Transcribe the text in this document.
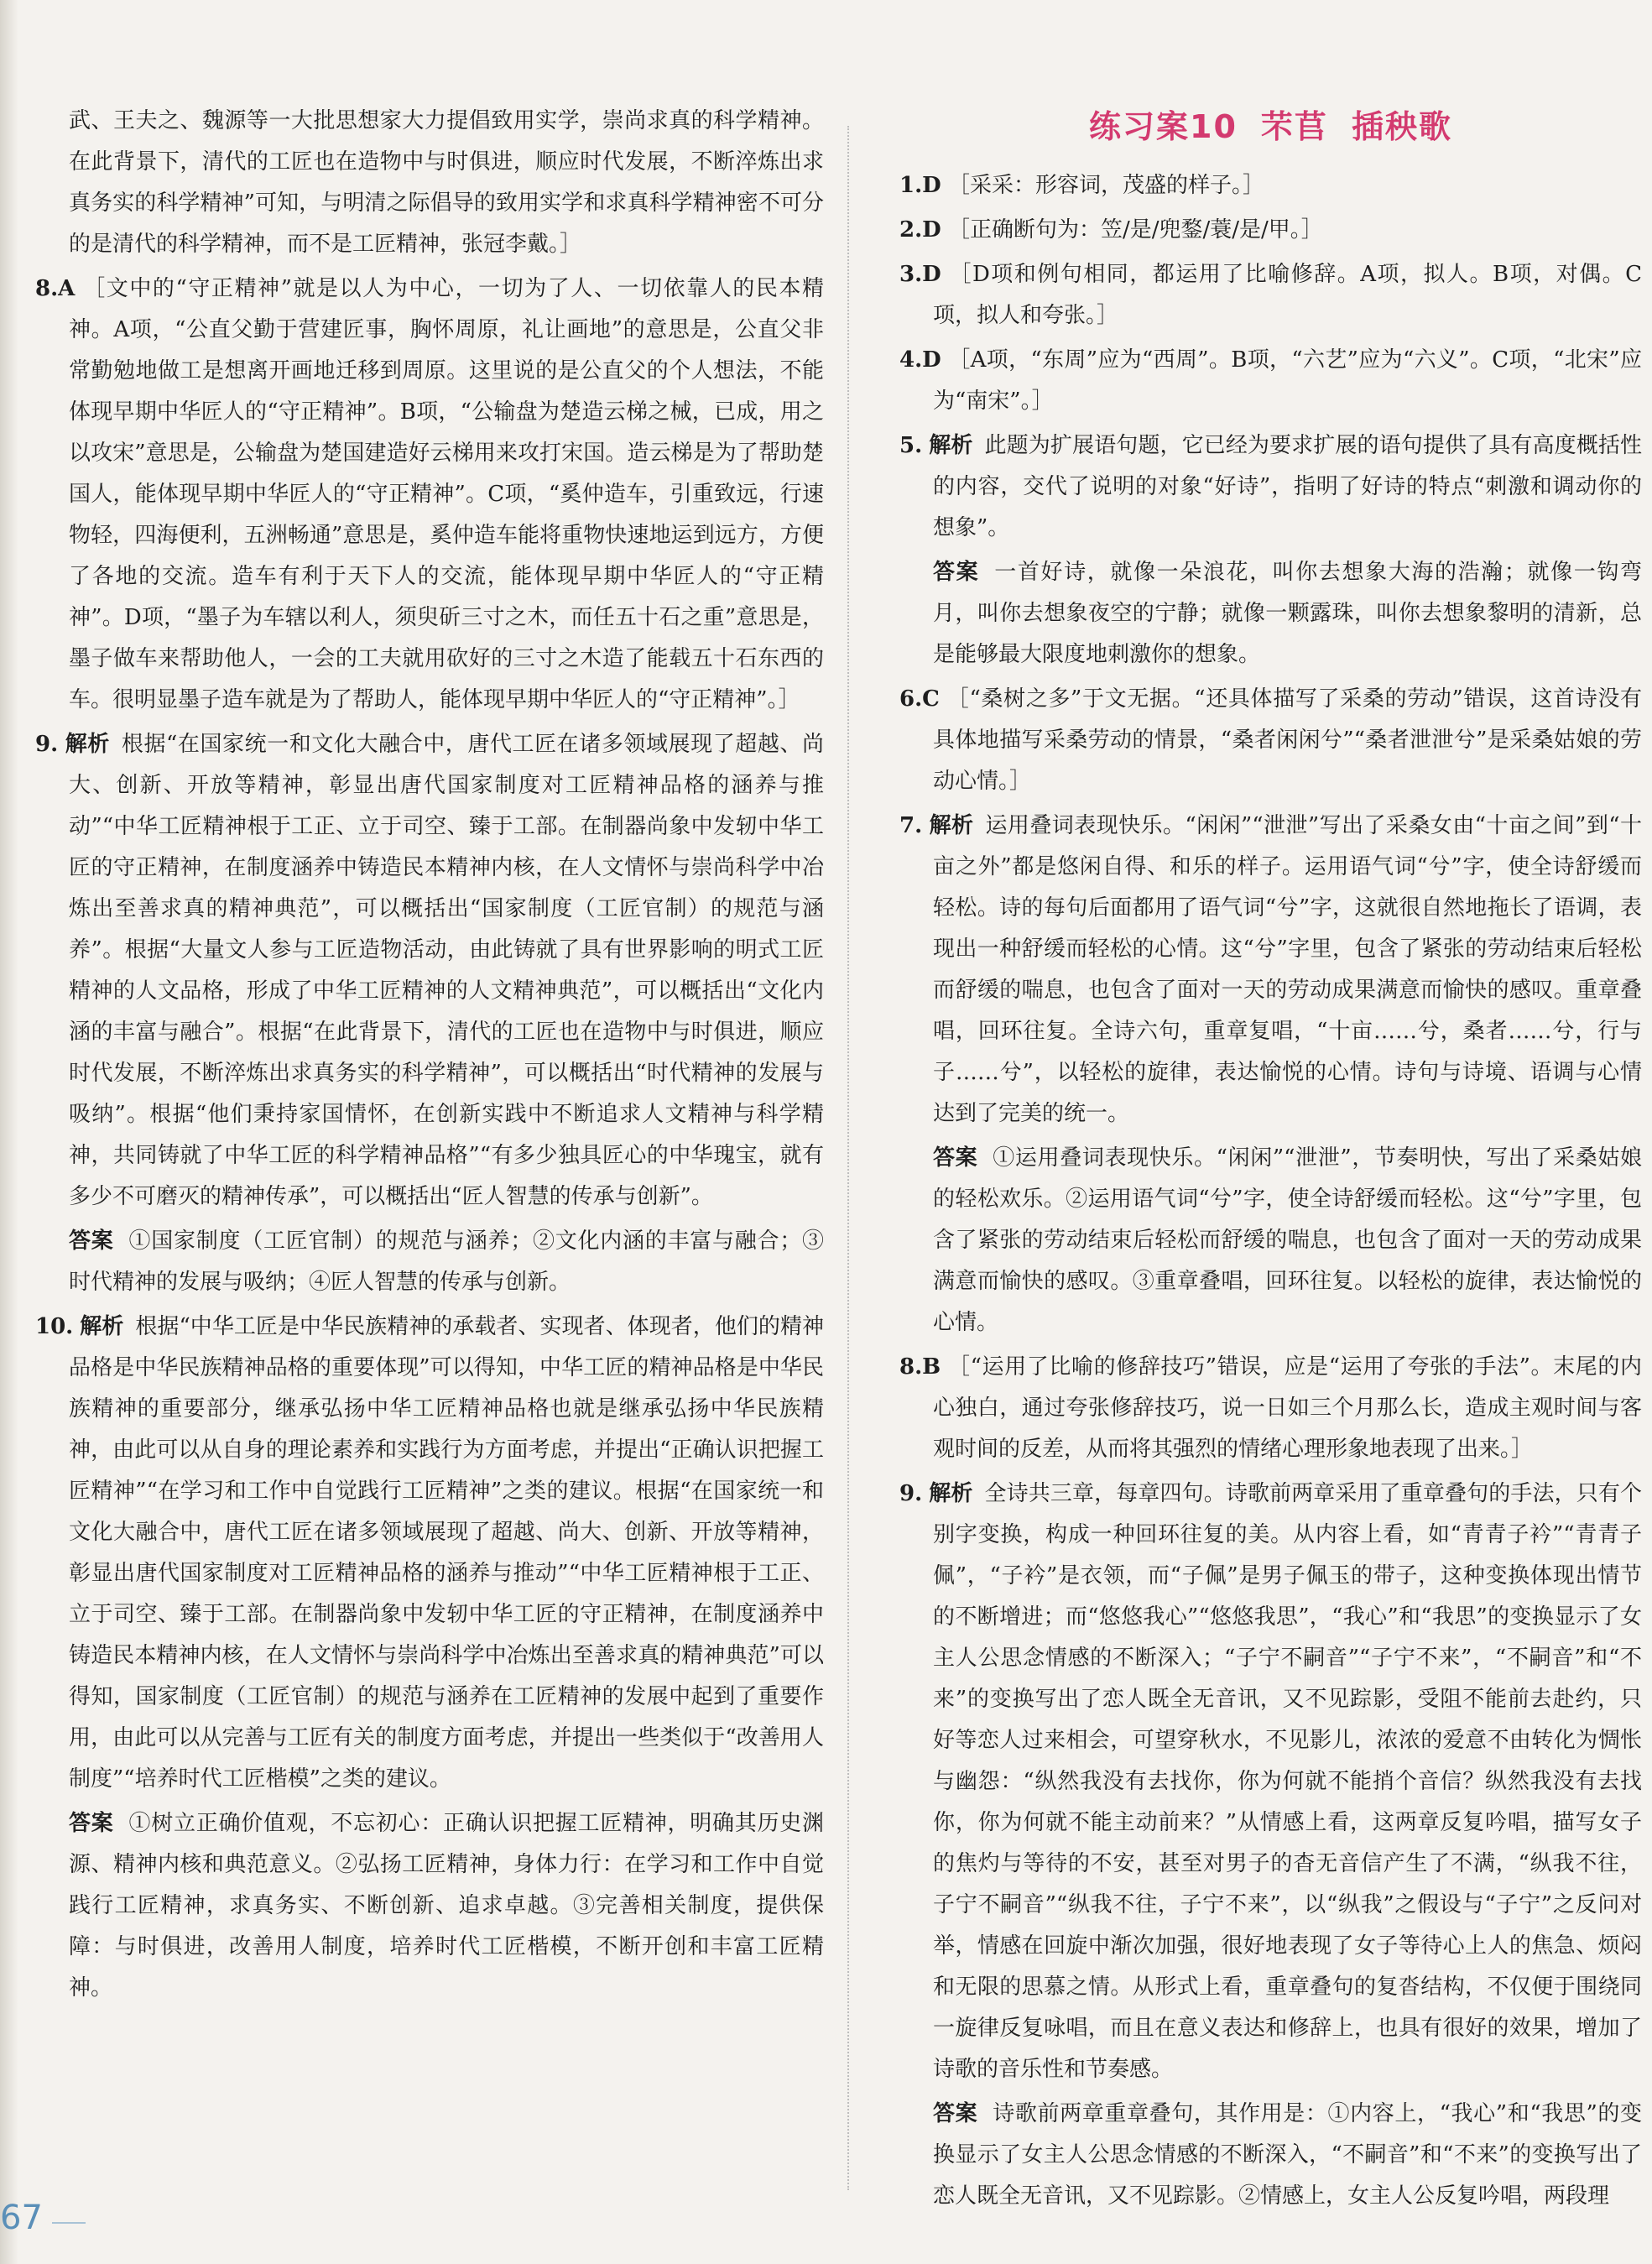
武、王夫之、魏源等一大批思想家大力提倡致用实学，崇尚求真的科学精神。在此背景下，清代的工匠也在造物中与时俱进，顺应时代发展，不断淬炼出求真务实的科学精神”可知，与明清之际倡导的致用实学和求真科学精神密不可分的是清代的科学精神，而不是工匠精神，张冠李戴。］

8.A ［文中的“守正精神”就是以人为中心，一切为了人、一切依靠人的民本精神。A项，“公直父勤于营建匠事，胸怀周原，礼让画地”的意思是，公直父非常勤勉地做工是想离开画地迁移到周原。这里说的是公直父的个人想法，不能体现早期中华匠人的“守正精神”。B项，“公输盘为楚造云梯之械，已成，用之以攻宋”意思是，公输盘为楚国建造好云梯用来攻打宋国。造云梯是为了帮助楚国人，能体现早期中华匠人的“守正精神”。C项，“奚仲造车，引重致远，行速物轻，四海便利，五洲畅通”意思是，奚仲造车能将重物快速地运到远方，方便了各地的交流。造车有利于天下人的交流，能体现早期中华匠人的“守正精神”。D项，“墨子为车辖以利人，须臾斫三寸之木，而任五十石之重”意思是，墨子做车来帮助他人，一会的工夫就用砍好的三寸之木造了能载五十石东西的车。很明显墨子造车就是为了帮助人，能体现早期中华匠人的“守正精神”。］

9. 解析 根据“在国家统一和文化大融合中，唐代工匠在诸多领域展现了超越、尚大、创新、开放等精神，彰显出唐代国家制度对工匠精神品格的涵养与推动”“中华工匠精神根于工正、立于司空、臻于工部。在制器尚象中发轫中华工匠的守正精神，在制度涵养中铸造民本精神内核，在人文情怀与崇尚科学中冶炼出至善求真的精神典范”，可以概括出“国家制度（工匠官制）的规范与涵养”。根据“大量文人参与工匠造物活动，由此铸就了具有世界影响的明式工匠精神的人文品格，形成了中华工匠精神的人文精神典范”，可以概括出“文化内涵的丰富与融合”。根据“在此背景下，清代的工匠也在造物中与时俱进，顺应时代发展，不断淬炼出求真务实的科学精神”，可以概括出“时代精神的发展与吸纳”。根据“他们秉持家国情怀，在创新实践中不断追求人文精神与科学精神，共同铸就了中华工匠的科学精神品格”“有多少独具匠心的中华瑰宝，就有多少不可磨灭的精神传承”，可以概括出“匠人智慧的传承与创新”。

答案 ①国家制度（工匠官制）的规范与涵养；②文化内涵的丰富与融合；③时代精神的发展与吸纳；④匠人智慧的传承与创新。

10. 解析 根据“中华工匠是中华民族精神的承载者、实现者、体现者，他们的精神品格是中华民族精神品格的重要体现”可以得知，中华工匠的精神品格是中华民族精神的重要部分，继承弘扬中华工匠精神品格也就是继承弘扬中华民族精神，由此可以从自身的理论素养和实践行为方面考虑，并提出“正确认识把握工匠精神”“在学习和工作中自觉践行工匠精神”之类的建议。根据“在国家统一和文化大融合中，唐代工匠在诸多领域展现了超越、尚大、创新、开放等精神，彰显出唐代国家制度对工匠精神品格的涵养与推动”“中华工匠精神根于工正、立于司空、臻于工部。在制器尚象中发轫中华工匠的守正精神，在制度涵养中铸造民本精神内核，在人文情怀与崇尚科学中冶炼出至善求真的精神典范”可以得知，国家制度（工匠官制）的规范与涵养在工匠精神的发展中起到了重要作用，由此可以从完善与工匠有关的制度方面考虑，并提出一些类似于“改善用人制度”“培养时代工匠楷模”之类的建议。

答案 ①树立正确价值观，不忘初心：正确认识把握工匠精神，明确其历史渊源、精神内核和典范意义。②弘扬工匠精神，身体力行：在学习和工作中自觉践行工匠精神，求真务实、不断创新、追求卓越。③完善相关制度，提供保障：与时俱进，改善用人制度，培养时代工匠楷模，不断开创和丰富工匠精神。

练习案10 芣苢 插秧歌

1.D ［采采：形容词，茂盛的样子。］

2.D ［正确断句为：笠/是/兜鍪/蓑/是/甲。］

3.D ［D项和例句相同，都运用了比喻修辞。A项，拟人。B项，对偶。C项，拟人和夸张。］

4.D ［A项，“东周”应为“西周”。B项，“六艺”应为“六义”。C项，“北宋”应为“南宋”。］

5. 解析 此题为扩展语句题，它已经为要求扩展的语句提供了具有高度概括性的内容，交代了说明的对象“好诗”，指明了好诗的特点“刺激和调动你的想象”。

答案 一首好诗，就像一朵浪花，叫你去想象大海的浩瀚；就像一钩弯月，叫你去想象夜空的宁静；就像一颗露珠，叫你去想象黎明的清新，总是能够最大限度地刺激你的想象。

6.C ［“桑树之多”于文无据。“还具体描写了采桑的劳动”错误，这首诗没有具体地描写采桑劳动的情景，“桑者闲闲兮”“桑者泄泄兮”是采桑姑娘的劳动心情。］

7. 解析 运用叠词表现快乐。“闲闲”“泄泄”写出了采桑女由“十亩之间”到“十亩之外”都是悠闲自得、和乐的样子。运用语气词“兮”字，使全诗舒缓而轻松。诗的每句后面都用了语气词“兮”字，这就很自然地拖长了语调，表现出一种舒缓而轻松的心情。这“兮”字里，包含了紧张的劳动结束后轻松而舒缓的喘息，也包含了面对一天的劳动成果满意而愉快的感叹。重章叠唱，回环往复。全诗六句，重章复唱，“十亩……兮，桑者……兮，行与子……兮”，以轻松的旋律，表达愉悦的心情。诗句与诗境、语调与心情达到了完美的统一。

答案 ①运用叠词表现快乐。“闲闲”“泄泄”，节奏明快，写出了采桑姑娘的轻松欢乐。②运用语气词“兮”字，使全诗舒缓而轻松。这“兮”字里，包含了紧张的劳动结束后轻松而舒缓的喘息，也包含了面对一天的劳动成果满意而愉快的感叹。③重章叠唱，回环往复。以轻松的旋律，表达愉悦的心情。

8.B ［“运用了比喻的修辞技巧”错误，应是“运用了夸张的手法”。末尾的内心独白，通过夸张修辞技巧，说一日如三个月那么长，造成主观时间与客观时间的反差，从而将其强烈的情绪心理形象地表现了出来。］

9. 解析 全诗共三章，每章四句。诗歌前两章采用了重章叠句的手法，只有个别字变换，构成一种回环往复的美。从内容上看，如“青青子衿”“青青子佩”，“子衿”是衣领，而“子佩”是男子佩玉的带子，这种变换体现出情节的不断增进；而“悠悠我心”“悠悠我思”，“我心”和“我思”的变换显示了女主人公思念情感的不断深入；“子宁不嗣音”“子宁不来”，“不嗣音”和“不来”的变换写出了恋人既全无音讯，又不见踪影，受阻不能前去赴约，只好等恋人过来相会，可望穿秋水，不见影儿，浓浓的爱意不由转化为惆怅与幽怨：“纵然我没有去找你，你为何就不能捎个音信？纵然我没有去找你，你为何就不能主动前来？”从情感上看，这两章反复吟唱，描写女子的焦灼与等待的不安，甚至对男子的杳无音信产生了不满，“纵我不往，子宁不嗣音”“纵我不往，子宁不来”，以“纵我”之假设与“子宁”之反问对举，情感在回旋中渐次加强，很好地表现了女子等待心上人的焦急、烦闷和无限的思慕之情。从形式上看，重章叠句的复沓结构，不仅便于围绕同一旋律反复咏唱，而且在意义表达和修辞上，也具有很好的效果，增加了诗歌的音乐性和节奏感。

答案 诗歌前两章重章叠句，其作用是：①内容上，“我心”和“我思”的变换显示了女主人公思念情感的不断深入，“不嗣音”和“不来”的变换写出了恋人既全无音讯，又不见踪影。②情感上，女主人公反复吟唱，两段理

67
